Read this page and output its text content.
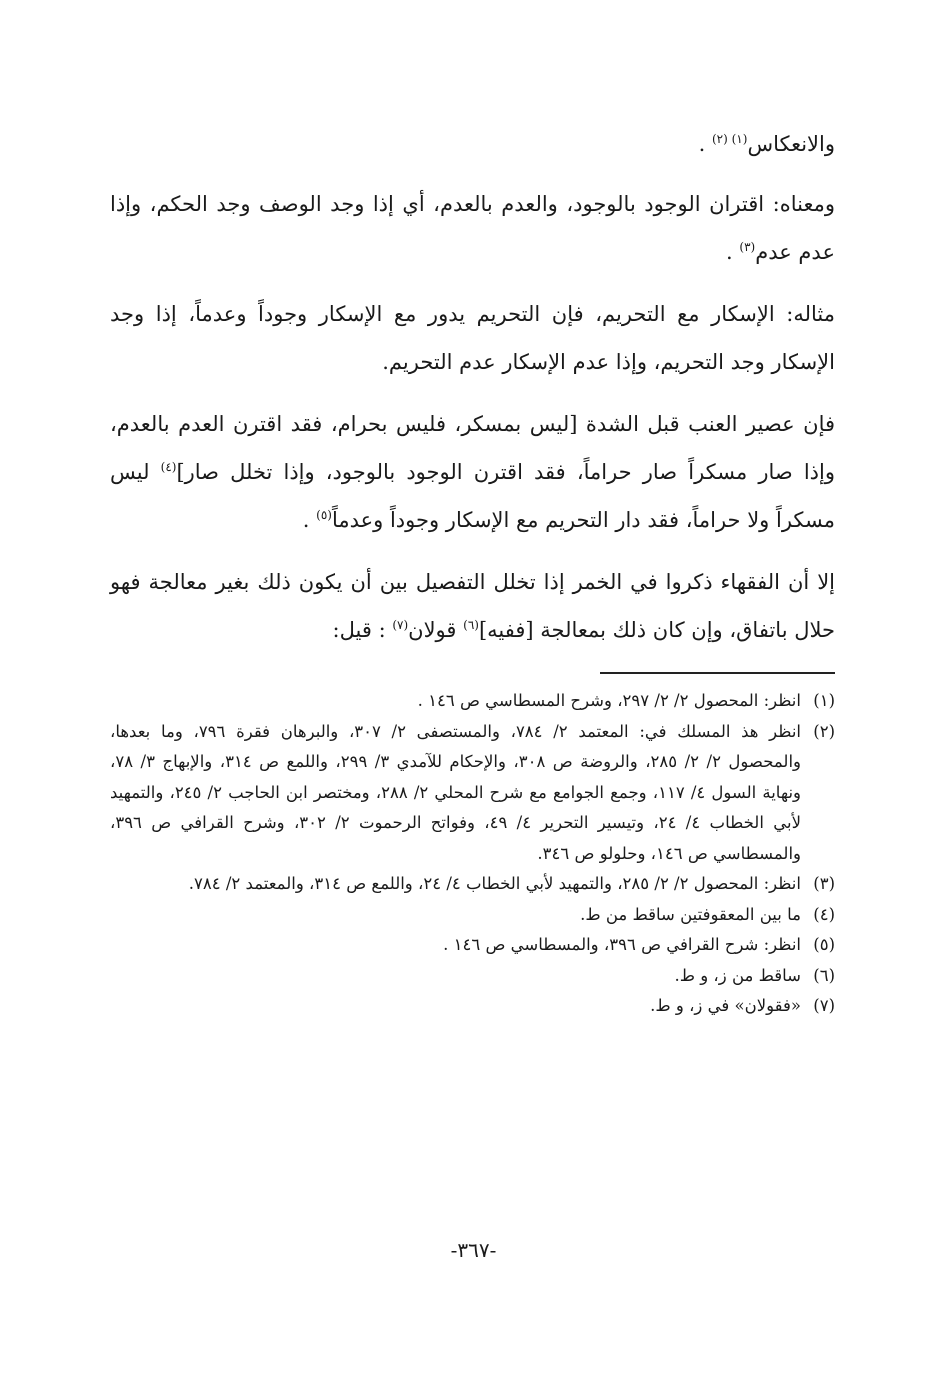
والانعكاس$^{(١) (٢)}$ .

ومعناه: اقتران الوجود بالوجود، والعدم بالعدم، أي إذا وجد الوصف وجد الحكم، وإذا عدم عدم$^{(٣)}$ .

مثاله: الإسكار مع التحريم، فإن التحريم يدور مع الإسكار وجوداً وعدماً، إذا وجد الإسكار وجد التحريم، وإذا عدم الإسكار عدم التحريم.

فإن عصير العنب قبل الشدة [ليس بمسكر، فليس بحرام، فقد اقترن العدم بالعدم، وإذا صار مسكراً صار حراماً، فقد اقترن الوجود بالوجود، وإذا تخلل صار]$^{(٤)}$ ليس مسكراً ولا حراماً، فقد دار التحريم مع الإسكار وجوداً وعدماً$^{(٥)}$ .

إلا أن الفقهاء ذكروا في الخمر إذا تخلل التفصيل بين أن يكون ذلك بغير معالجة فهو حلال باتفاق، وإن كان ذلك بمعالجة [ففيه]$^{(٦)}$ قولان$^{(٧)}$ : قيل:

(١)
انظر: المحصول ٢/ ٢/ ٢٩٧، وشرح المسطاسي ص ١٤٦ .
(٢)
انظر هذ المسلك في: المعتمد ٢/ ٧٨٤، والمستصفى ٢/ ٣٠٧، والبرهان فقرة ٧٩٦، وما بعدها، والمحصول ٢/ ٢/ ٢٨٥، والروضة ص ٣٠٨، والإحكام للآمدي ٣/ ٢٩٩، واللمع ص ٣١٤، والإبهاج ٣/ ٧٨، ونهاية السول ٤/ ١١٧، وجمع الجوامع مع شرح المحلي ٢/ ٢٨٨، ومختصر ابن الحاجب ٢/ ٢٤٥، والتمهيد لأبي الخطاب ٤/ ٢٤، وتيسير التحرير ٤/ ٤٩، وفواتح الرحموت ٢/ ٣٠٢، وشرح القرافي ص ٣٩٦، والمسطاسي ص ١٤٦، وحلولو ص ٣٤٦.
(٣)
انظر: المحصول ٢/ ٢/ ٢٨٥، والتمهيد لأبي الخطاب ٤/ ٢٤، واللمع ص ٣١٤، والمعتمد ٢/ ٧٨٤.
(٤)
ما بين المعقوفتين ساقط من ط.
(٥)
انظر: شرح القرافي ص ٣٩٦، والمسطاسي ص ١٤٦ .
(٦)
ساقط من ز، و ط.
(٧)
«فقولان» في ز، و ط.
-٣٦٧-
